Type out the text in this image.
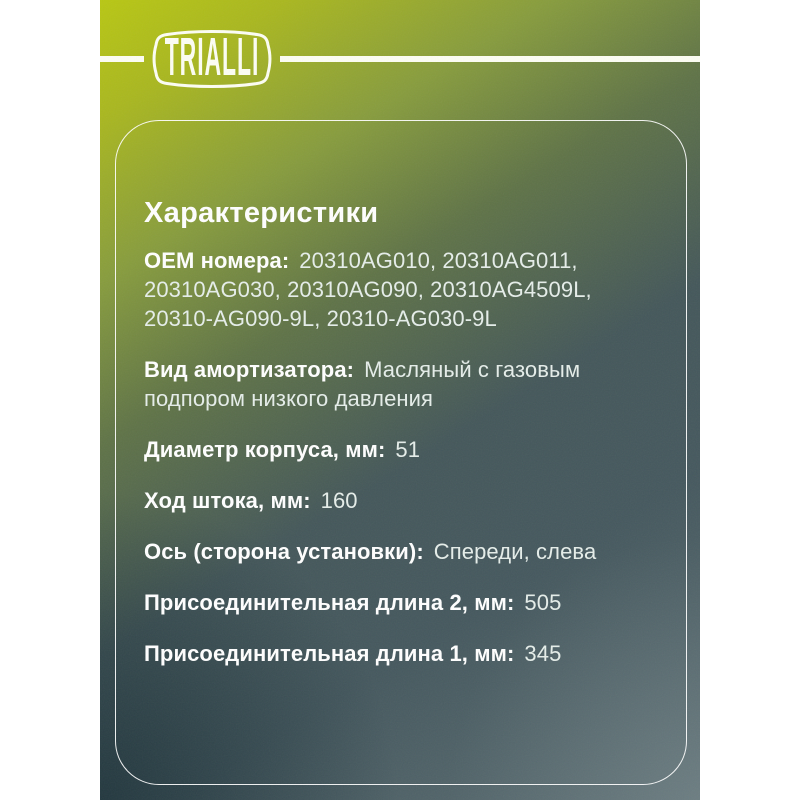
TRIALLI
Характеристики

ОЕМ номера: 20310AG010, 20310AG011, 20310AG030, 20310AG090, 20310AG4509L, 20310-AG090-9L, 20310-AG030-9L

Вид амортизатора: Масляный с газовым подпором низкого давления

Диаметр корпуса, мм: 51

Ход штока, мм: 160

Ось (сторона установки): Спереди, слева

Присоединительная длина 2, мм: 505

Присоединительная длина 1, мм: 345
